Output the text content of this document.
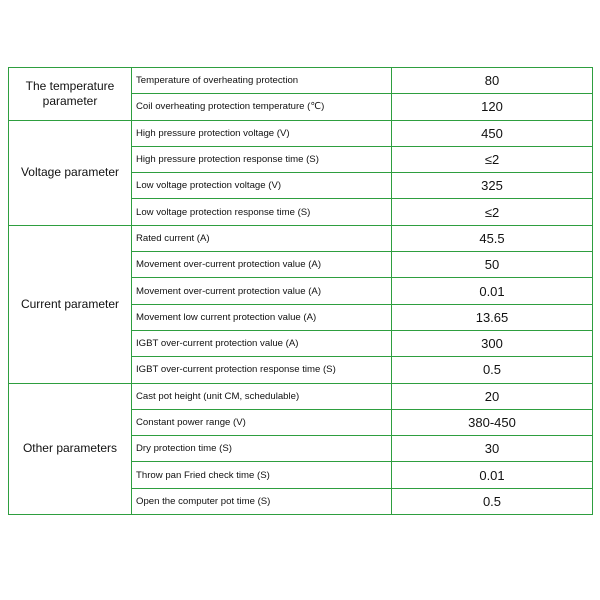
The temperature parameter	Temperature of overheating protection	80
	Coil overheating protection temperature (℃)	120
Voltage parameter	High pressure protection voltage (V)	450
	High pressure protection response time (S)	≤2
	Low voltage protection voltage (V)	325
	Low voltage protection response time (S)	≤2
Current parameter	Rated current (A)	45.5
	Movement over-current protection value (A)	50
	Movement over-current protection value (A)	0.01
	Movement low current protection value (A)	13.65
	IGBT over-current protection value (A)	300
	IGBT over-current protection response time (S)	0.5
Other parameters	Cast pot height (unit CM, schedulable)	20
	Constant power range (V)	380-450
	Dry protection time (S)	30
	Throw pan Fried check time (S)	0.01
	Open the computer pot time (S)	0.5
